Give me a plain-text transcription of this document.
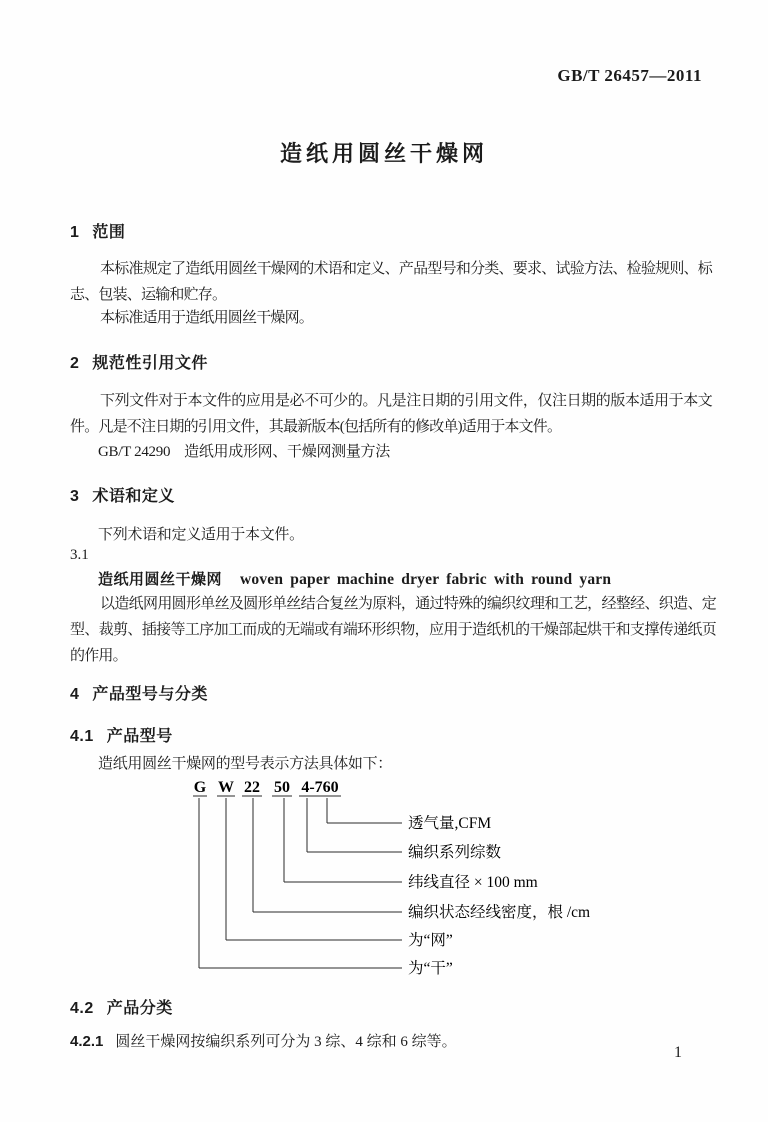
GB/T 26457—2011
造纸用圆丝干燥网
1 范围

本标准规定了造纸用圆丝干燥网的术语和定义、产品型号和分类、要求、试验方法、检验规则、标志、包装、运输和贮存。

本标准适用于造纸用圆丝干燥网。

2 规范性引用文件

下列文件对于本文件的应用是必不可少的。凡是注日期的引用文件，仅注日期的版本适用于本文件。凡是不注日期的引用文件，其最新版本(包括所有的修改单)适用于本文件。

GB/T 24290 造纸用成形网、干燥网测量方法
3 术语和定义
下列术语和定义适用于本文件。
3.1
造纸用圆丝干燥网 woven paper machine dryer fabric with round yarn

以造纸网用圆形单丝及圆形单丝结合复丝为原料，通过特殊的编织纹理和工艺，经整经、织造、定型、裁剪、插接等工序加工而成的无端或有端环形织物，应用于造纸机的干燥部起烘干和支撑传递纸页的作用。

4 产品型号与分类
4.1 产品型号
造纸用圆丝干燥网的型号表示方法具体如下：
G W 22 50 4-760
透气量,CFM
编织系列综数
纬线直径 × 100 mm
编织状态经线密度，根 /cm
为“网”
为“干”
4.2 产品分类
4.2.1 圆丝干燥网按编织系列可分为 3 综、4 综和 6 综等。
1
